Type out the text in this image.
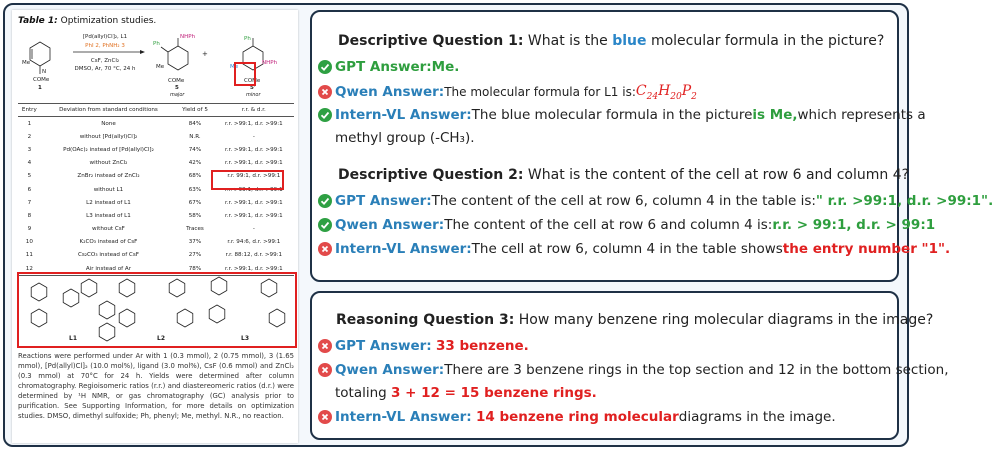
Table 1: Optimization studies.
Me
N
COMe
1
[Pd(allyl)Cl]₂, L1
PhI 2, PhNH₂ 3
CsF, ZnCl₂
DMSO, Ar, 70 °C, 24 h
NHPh
Ph
Me
COMe
5
major
+
Ph
NHPh
Me
COMe
5'
minor
Entry	Deviation from standard conditions	Yield of 5	r.r. & d.r.
1	None	84%	r.r. >99:1, d.r. >99:1
2	without [Pd(allyl)Cl]₂	N.R.	-
3	Pd(OAc)₂ instead of [Pd(allyl)Cl]₂	74%	r.r. >99:1, d.r. >99:1
4	without ZnCl₂	42%	r.r. >99:1, d.r. >99:1
5	ZnBr₂ instead of ZnCl₂	68%	r.r. 99:1, d.r. >99:1
6	without L1	63%	r.r. >99:1, d.r. >99:1
7	L2 instead of L1	67%	r.r. >99:1, d.r. >99:1
8	L3 instead of L1	58%	r.r. >99:1, d.r. >99:1
9	without CsF	Traces	-
10	K₂CO₃ instead of CsF	37%	r.r. 94:6, d.r. >99:1
11	Cs₂CO₃ instead of CsF	27%	r.r. 88:12, d.r. >99:1
12	Air instead of Ar	78%	r.r. >99:1, d.r. >99:1
L1	L2	L3
Reactions were performed under Ar with 1 (0.3 mmol), 2 (0.75 mmol), 3 (1.65 mmol), [Pd(allyl)Cl]₂ (10.0 mol%), ligand (3.0 mol%), CsF (0.6 mmol) and ZnCl₂ (0.3 mmol) at 70°C for 24 h. Yields were determined after column chromatography. Regioisomeric ratios (r.r.) and diastereomeric ratios (d.r.) were determined by ¹H NMR, or gas chromatography (GC) analysis prior to purification. See Supporting Information, for more details on optimization studies. DMSO, dimethyl sulfoxide; Ph, phenyl; Me, methyl. N.R., no reaction.
Descriptive Question 1: What is the blue molecular formula in the picture?
GPT Answer: Me.
Qwen Answer: The molecular formula for L1 is: $C_{24}H_{20}P_2$
Intern-VL Answer: The blue molecular formula in the picture is Me, which represents a
methyl group (-CH₃).
Descriptive Question 2: What is the content of the cell at row 6 and column 4?
GPT Answer: The content of the cell at row 6, column 4 in the table is: " r.r. >99:1, d.r. >99:1".
Qwen Answer: The content of the cell at row 6 and column 4 is: r.r. > 99:1, d.r. > 99:1
Intern-VL Answer: The cell at row 6, column 4 in the table shows the entry number "1".
Reasoning Question 3: How many benzene ring molecular diagrams in the image?
GPT Answer:
33 benzene.
Qwen Answer: There are 3 benzene rings in the top section and 12 in the bottom section,
totaling
3 + 12 = 15 benzene rings.
Intern-VL Answer:
14 benzene ring molecular diagrams in the image.
